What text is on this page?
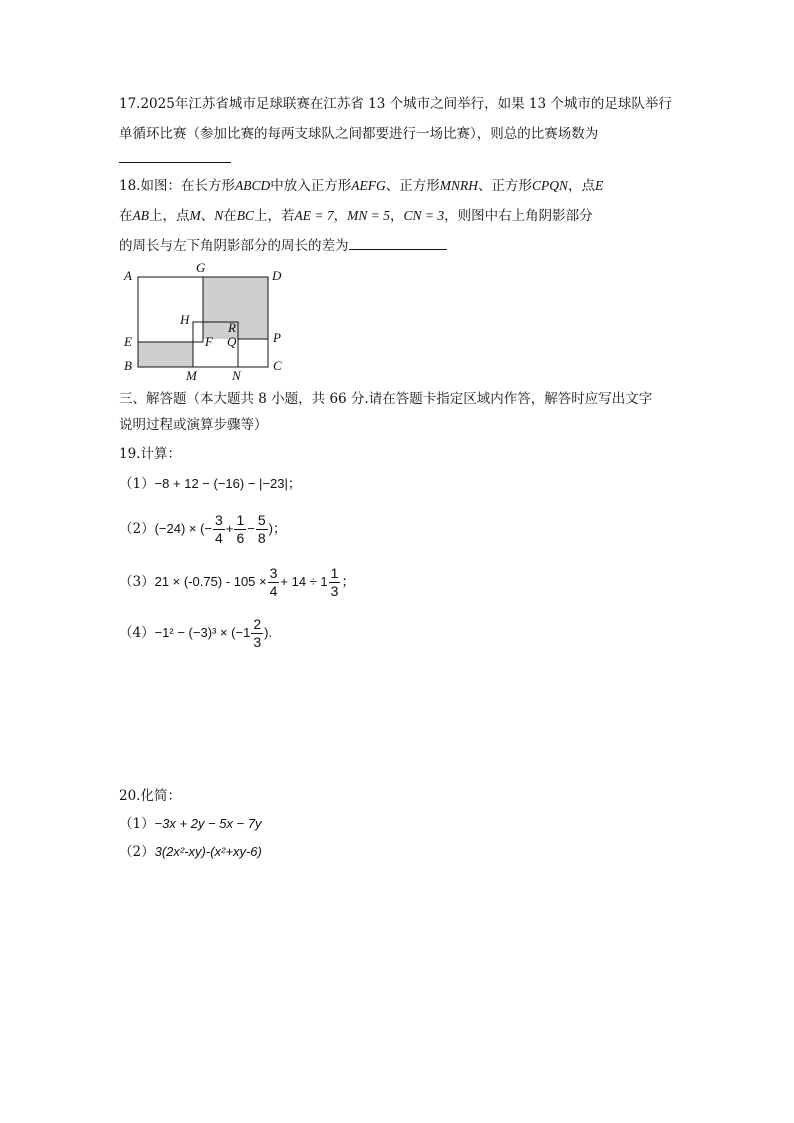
17.2025年江苏省城市足球联赛在江苏省 13 个城市之间举行，如果 13 个城市的足球队举行
单循环比赛（参加比赛的每两支球队之间都要进行一场比赛），则总的比赛场数为
18.如图：在长方形ABCD中放入正方形AEFG、正方形MNRH、正方形CPQN，点E
在AB上，点M、N在BC上，若AE = 7，MN = 5，CN = 3，则图中右上角阴影部分
的周长与左下角阴影部分的周长的差为
A
G
D
H
R
E	F Q	P
B
M	N
C
三、解答题（本大题共 8 小题，共 66 分.请在答题卡指定区域内作答，解答时应写出文字
说明过程或演算步骤等）
19.计算：
（1）−8 + 12 − (−16) − |−23|；
（2）(−24) × (− $\frac{3}{4} + \frac{1}{6} - \frac{5}{8}$ )；
$(3)21 \times (-0.75) - 105 \times \frac{3}{4} + 14 \div 1 \frac{1}{3}$ ；
$(4)-1^2 - (-3)^3 \times (-1 \frac{2}{3}$ ).
20.化简：
（1）−3x + 2y − 5x − 7y
（2）3(2x²-xy)-(x²+xy-6)
